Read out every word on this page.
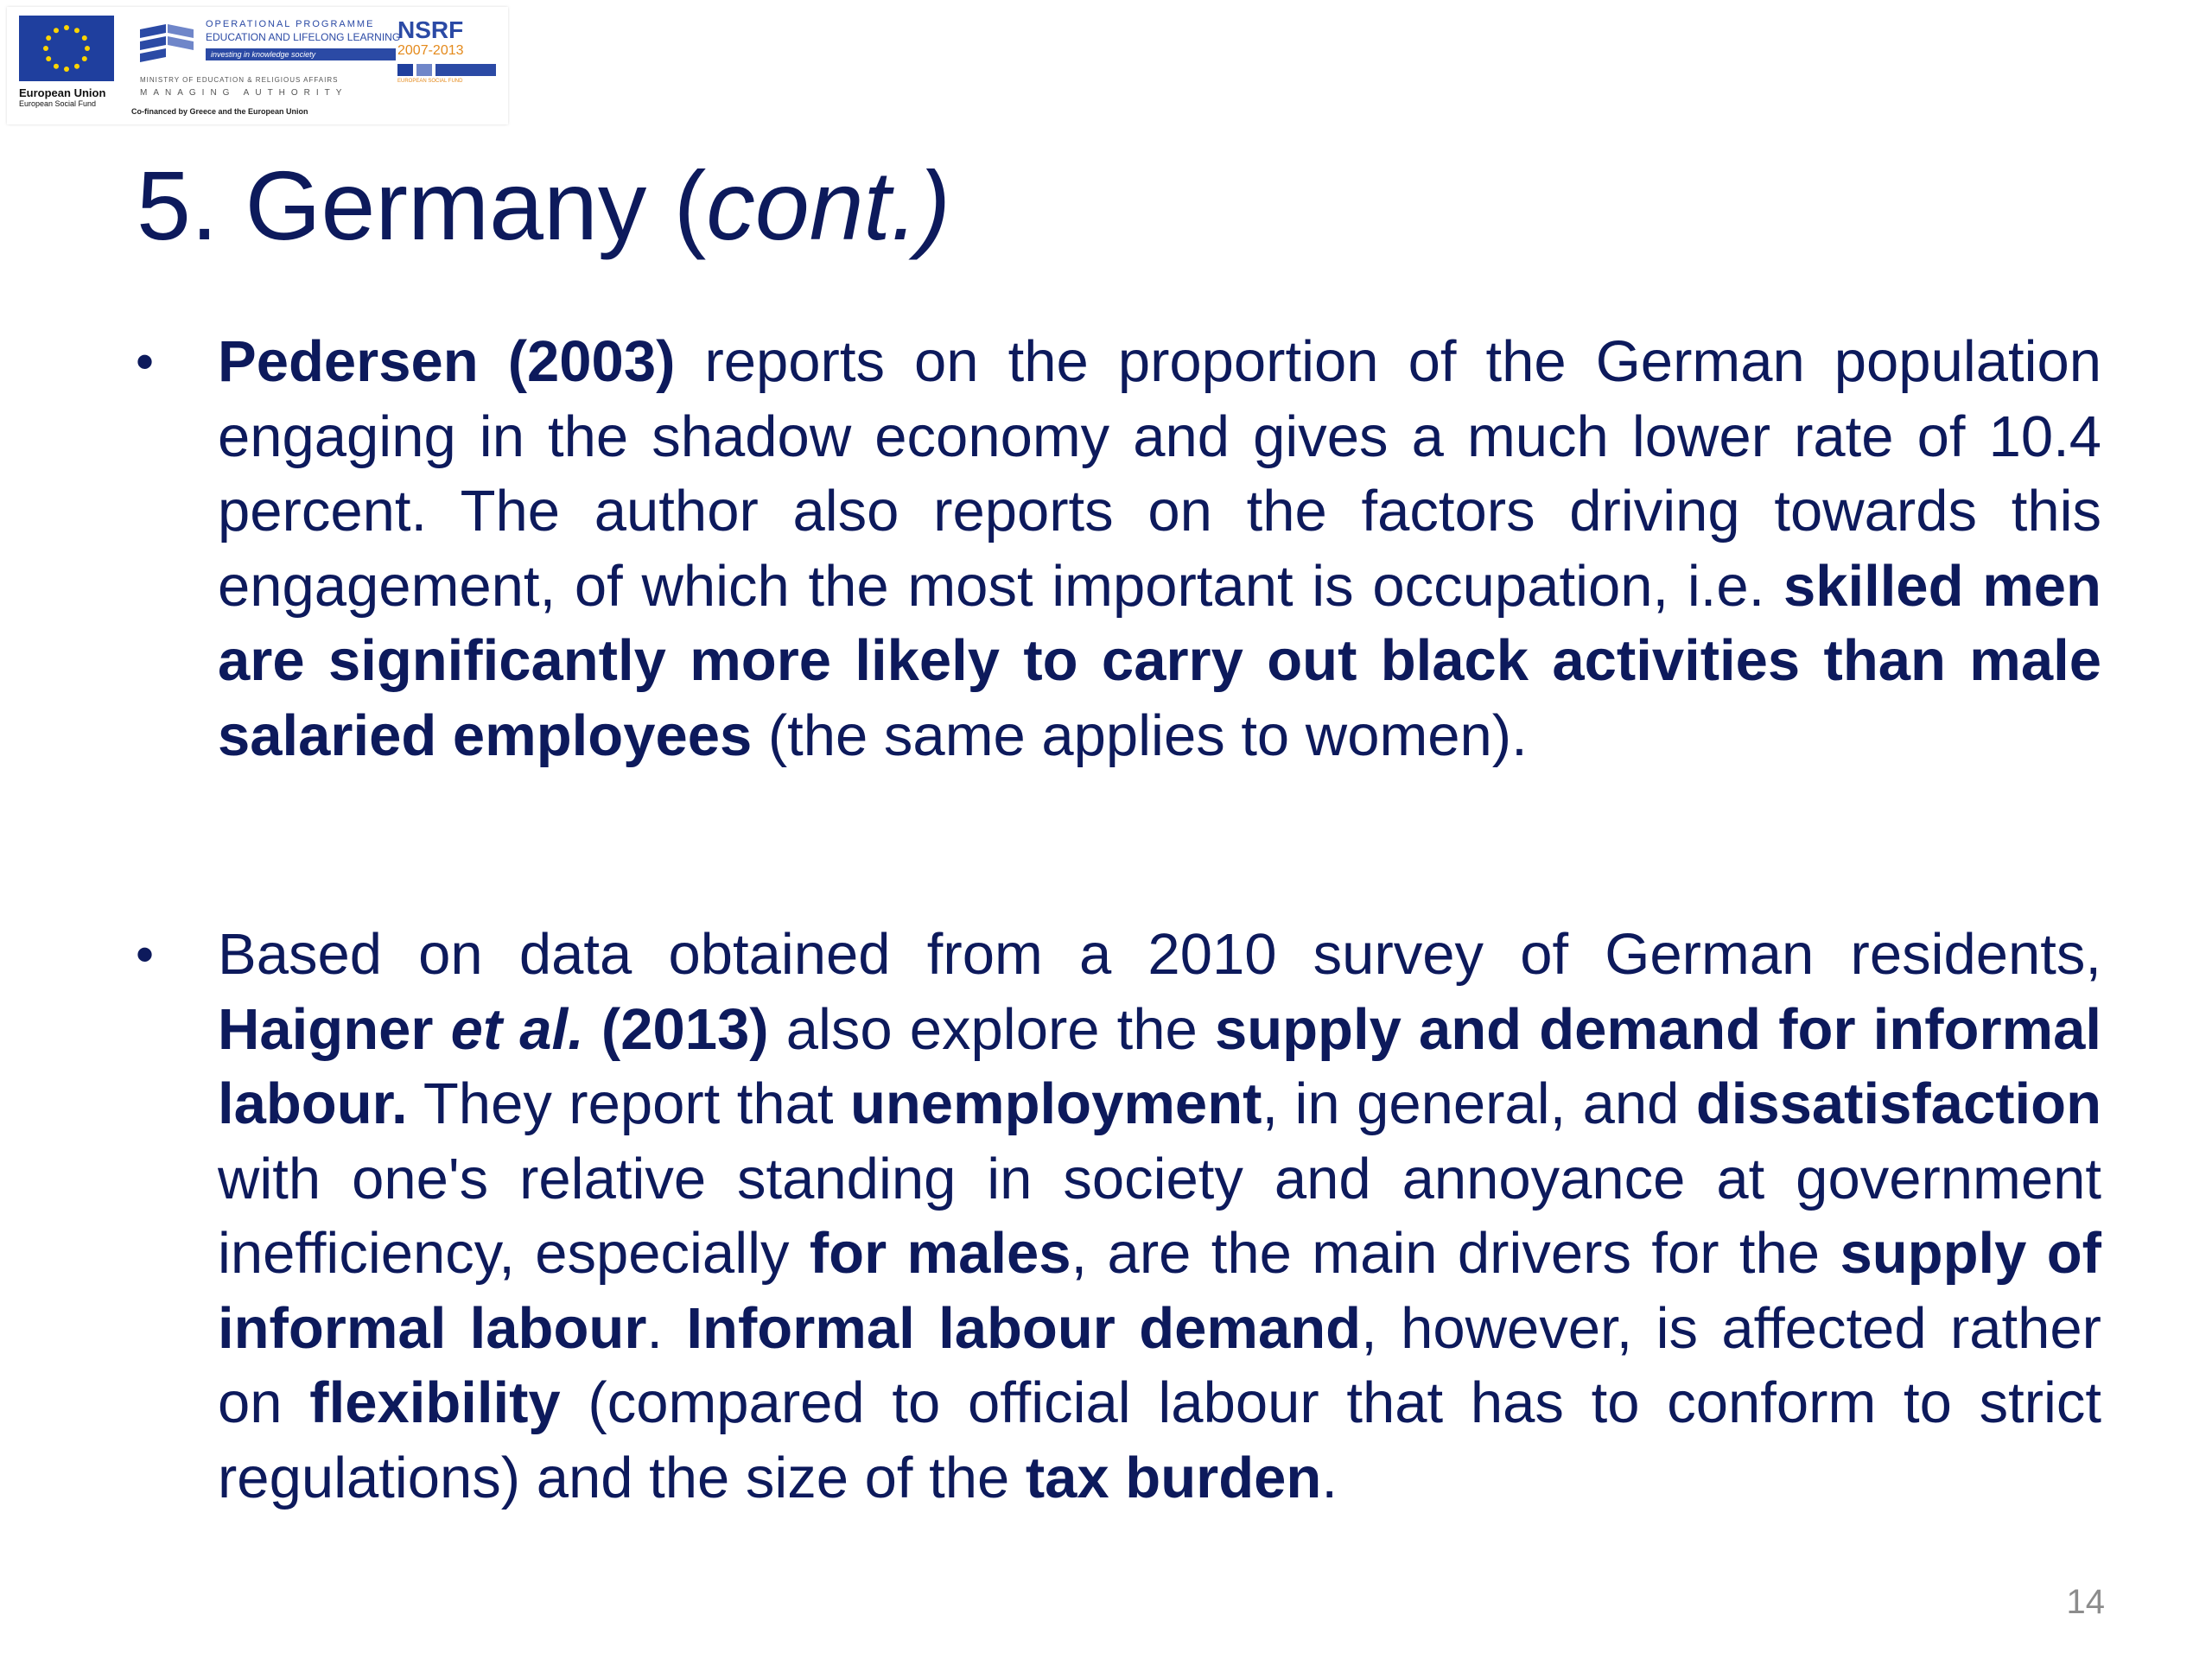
European Union
European Social Fund
OPERATIONAL PROGRAMME
EDUCATION AND LIFELONG LEARNING
investing in knowledge society
MINISTRY OF EDUCATION & RELIGIOUS AFFAIRS
MANAGING AUTHORITY
Co-financed by Greece and the European Union
NSRF
2007-2013
EUROPEAN SOCIAL FUND
5. Germany (cont.)
• Pedersen (2003) reports on the proportion of the German population engaging in the shadow economy and gives a much lower rate of 10.4 percent. The author also reports on the factors driving towards this engagement, of which the most important is occupation, i.e. skilled men are significantly more likely to carry out black activities than male salaried employees (the same applies to women).
• Based on data obtained from a 2010 survey of German residents, Haigner et al. (2013) also explore the supply and demand for informal labour. They report that unemployment, in general, and dissatisfaction with one's relative standing in society and annoyance at government inefficiency, especially for males, are the main drivers for the supply of informal labour. Informal labour demand, however, is affected rather on flexibility (compared to official labour that has to conform to strict regulations) and the size of the tax burden.
14
